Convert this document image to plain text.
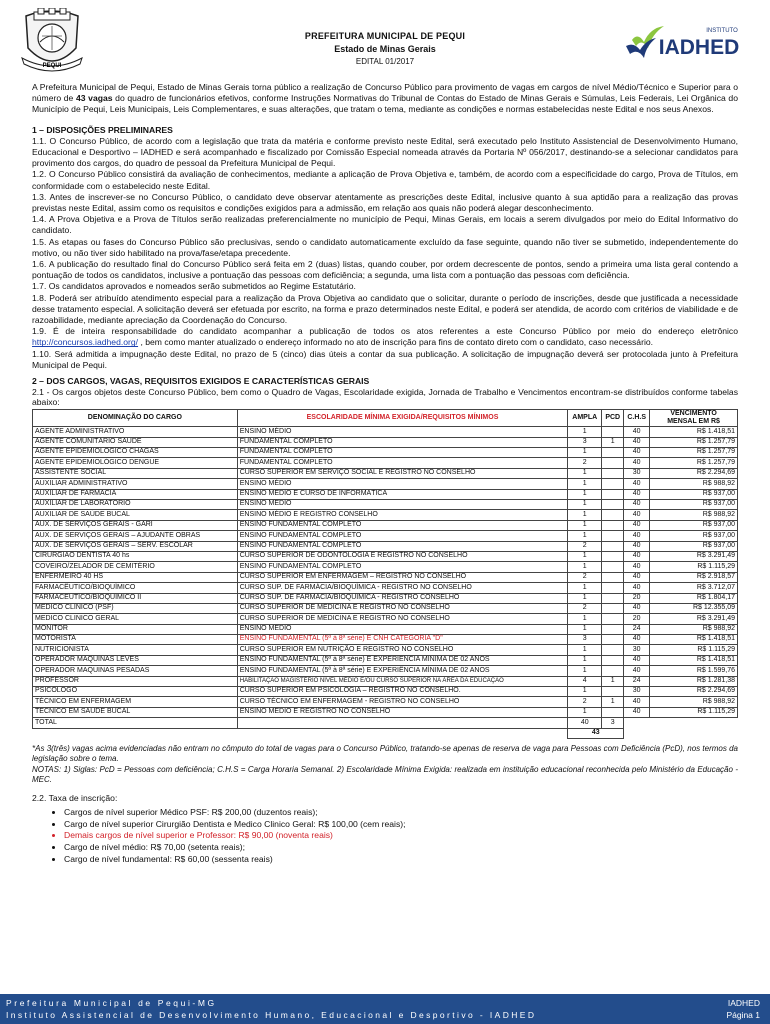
PEQUI
PREFEITURA MUNICIPAL DE PEQUI
Estado de Minas Gerais
EDITAL 01/2017
INSTITUTO
IADHED

A Prefeitura Municipal de Pequi, Estado de Minas Gerais torna público a realização de Concurso Público para provimento de vagas em cargos de nível Médio/Técnico e Superior para o número de 43 vagas do quadro de funcionários efetivos, conforme Instruções Normativas do Tribunal de Contas do Estado de Minas Gerais e Súmulas, Leis Federais, Lei Orgânica do Município de Pequi, Leis Municipais, Leis Complementares, e suas alterações, que tratam o tema, mediante as condições e normas estabelecidas neste Edital e nos seus Anexos.

1 – DISPOSIÇÕES PRELIMINARES

1.1. O Concurso Público, de acordo com a legislação que trata da matéria e conforme previsto neste Edital, será executado pelo Instituto Assistencial de Desenvolvimento Humano, Educacional e Desportivo – IADHED e será acompanhado e fiscalizado por Comissão Especial nomeada através da Portaria Nº 056/2017, destinando-se a selecionar candidatos para provimento dos cargos, do quadro de pessoal da Prefeitura Municipal de Pequi.

1.2. O Concurso Público consistirá da avaliação de conhecimentos, mediante a aplicação de Prova Objetiva e, também, de acordo com a especificidade do cargo, Prova de Títulos, em conformidade com o estabelecido neste Edital.

1.3. Antes de inscrever-se no Concurso Público, o candidato deve observar atentamente as prescrições deste Edital, inclusive quanto à sua aptidão para a realização das provas previstas neste Edital, assim como os requisitos e condições exigidos para a admissão, em relação aos quais não poderá alegar desconhecimento.

1.4. A Prova Objetiva e a Prova de Títulos serão realizadas preferencialmente no município de Pequi, Minas Gerais, em locais a serem divulgados por meio do Edital Informativo do candidato.

1.5. As etapas ou fases do Concurso Público são preclusivas, sendo o candidato automaticamente excluído da fase seguinte, quando não tiver se submetido, independentemente do motivo, ou não tiver sido habilitado na prova/fase/etapa precedente.

1.6. A publicação do resultado final do Concurso Público será feita em 2 (duas) listas, quando couber, por ordem decrescente de pontos, sendo a primeira uma lista geral contendo a pontuação de todos os candidatos, inclusive a pontuação das pessoas com deficiência; a segunda, uma lista com a pontuação das pessoas com deficiência.

1.7. Os candidatos aprovados e nomeados serão submetidos ao Regime Estatutário.

1.8. Poderá ser atribuído atendimento especial para a realização da Prova Objetiva ao candidato que o solicitar, durante o período de inscrições, desde que justificada a necessidade desse tratamento especial. A solicitação deverá ser efetuada por escrito, na forma e prazo determinados neste Edital, e poderá ser atendida, de acordo com critérios de viabilidade e de razoabilidade, mediante apreciação da Coordenação do Concurso.

1.9. É de inteira responsabilidade do candidato acompanhar a publicação de todos os atos referentes a este Concurso Público por meio do endereço eletrônico http://concursos.iadhed.org/ , bem como manter atualizado o endereço informado no ato de inscrição para fins de contato direto com o candidato, caso necessário.

1.10. Será admitida a impugnação deste Edital, no prazo de 5 (cinco) dias úteis a contar da sua publicação. A solicitação de impugnação deverá ser protocolada junto à Prefeitura Municipal de Pequi.

2 – DOS CARGOS, VAGAS, REQUISITOS EXIGIDOS E CARACTERÍSTICAS GERAIS

2.1 - Os cargos objetos deste Concurso Público, bem como o Quadro de Vagas, Escolaridade exigida, Jornada de Trabalho e Vencimentos encontram-se distribuídos conforme tabelas abaixo:

DENOMINAÇÃO DO CARGO	ESCOLARIDADE MÍNIMA EXIGIDA/REQUISITOS MÍNIMOS	AMPLA	PCD	C.H.S	VENCIMENTO
MENSAL EM R$
AGENTE ADMINISTRATIVO	ENSINO MÉDIO	1		40	R$ 1.418,51
AGENTE COMUNITÁRIO SAÚDE	FUNDAMENTAL COMPLETO	3	1	40	R$ 1.257,79
AGENTE EPIDEMIOLÓGICO CHAGAS	FUNDAMENTAL COMPLETO	1		40	R$ 1.257,79
AGENTE EPIDEMIOLÓGICO DENGUE	FUNDAMENTAL COMPLETO	2		40	R$ 1.257,79
ASSISTENTE SOCIAL	CURSO SUPERIOR EM SERVIÇO SOCIAL E REGISTRO NO CONSELHO	1		30	R$ 2.294,69
AUXILIAR ADMINISTRATIVO	ENSINO MÉDIO	1		40	R$ 988,92
AUXILIAR DE FARMÁCIA	ENSINO MÉDIO E CURSO DE INFORMÁTICA	1		40	R$ 937,00
AUXILIAR DE LABORATÓRIO	ENSINO MÉDIO	1		40	R$ 937,00
AUXILIAR DE SAÚDE BUCAL	ENSINO MÉDIO E REGISTRO CONSELHO	1		40	R$ 988,92
AUX. DE SERVIÇOS GERAIS - GARI	ENSINO FUNDAMENTAL COMPLETO	1		40	R$ 937,00
AUX. DE SERVIÇOS GERAIS – AJUDANTE OBRAS	ENSINO FUNDAMENTAL COMPLETO	1		40	R$ 937,00
AUX. DE SERVIÇOS GERAIS – SERV. ESCOLAR	ENSINO FUNDAMENTAL COMPLETO	2		40	R$ 937,00
CIRURGIÃO DENTISTA 40 hs	CURSO SUPERIOR DE ODONTOLOGIA E REGISTRO NO CONSELHO	1		40	R$ 3.291,49
COVEIRO/ZELADOR DE CEMITÉRIO	ENSINO FUNDAMENTAL COMPLETO	1		40	R$ 1.115,29
ENFERMEIRO 40 HS	CURSO SUPERIOR EM ENFERMAGEM – REGISTRO NO CONSELHO	2		40	R$ 2.918,57
FARMACÊUTICO/BIOQUÍMICO	CURSO SUP. DE FARMÁCIA/BIOQUÍMICA - REGISTRO NO CONSELHO	1		40	R$ 3.712,07
FARMACÊUTICO/BIOQUÍMICO II	CURSO SUP. DE FARMÁCIA/BIOQUÍMICA - REGISTRO CONSELHO	1		20	R$ 1.804,17
MEDICO CLINICO (PSF)	CURSO SUPERIOR DE MEDICINA E REGISTRO NO CONSELHO	2		40	R$ 12.355,09
MEDICO CLINICO GERAL	CURSO SUPERIOR DE MEDICINA E REGISTRO NO CONSELHO	1		20	R$ 3.291,49
MONITOR	ENSINO MÉDIO	1		24	R$ 988,92
MOTORISTA	ENSINO FUNDAMENTAL (5ª à 8ª série) E CNH CATEGORIA "D"	3		40	R$ 1.418,51
NUTRICIONISTA	CURSO SUPERIOR EM NUTRIÇÃO E REGISTRO NO CONSELHO	1		30	R$ 1.115,29
OPERADOR MAQUINAS LEVES	ENSINO FUNDAMENTAL (5ª à 8ª série) E EXPERIÊNCIA MÍNIMA DE 02 ANOS	1		40	R$ 1.418,51
OPERADOR MAQUINAS PESADAS	ENSINO FUNDAMENTAL (5ª à 8ª série) E EXPERIÊNCIA MÍNIMA DE 02 ANOS	1		40	R$ 1.599,76
PROFESSOR	HABILITAÇÃO MAGISTÉRIO NÍVEL MÉDIO E/OU CURSO SUPERIOR NA ÁREA DA EDUCAÇÃO	4	1	24	R$ 1.281,38
PSICÓLOGO	CURSO SUPERIOR EM PSICOLOGIA – REGISTRO NO CONSELHO.	1		30	R$ 2.294,69
TÉCNICO EM ENFERMAGEM	CURSO TÉCNICO EM ENFERMAGEM - REGISTRO NO CONSELHO	2	1	40	R$ 988,92
TÉCNICO EM SAÚDE BUCAL	ENSINO MÉDIO E REGISTRO NO CONSELHO	1		40	R$ 1.115,29
TOTAL		40	3		
		43			

*As 3(três) vagas acima evidenciadas não entram no cômputo do total de vagas para o Concurso Público, tratando-se apenas de reserva de vaga para Pessoas com Deficiência (PcD), nos termos da legislação sobre o tema.

NOTAS: 1) Siglas: PcD = Pessoas com deficiência; C.H.S = Carga Horaria Semanal. 2) Escolaridade Mínima Exigida: realizada em instituição educacional reconhecida pelo Ministério da Educação - MEC.

2.2. Taxa de inscrição:

• Cargos de nível superior Médico PSF: R$ 200,00 (duzentos reais);
• Cargo de nível superior Cirurgião Dentista e Medico Clinico Geral: R$ 100,00 (cem reais);
• Demais cargos de nível superior e Professor: R$ 90,00 (noventa reais)
• Cargo de nível médio: R$ 70,00 (setenta reais);
• Cargo de nível fundamental: R$ 60,00 (sessenta reais)
Prefeitura Municipal de Pequi-MG
Instituto Assistencial de Desenvolvimento Humano, Educacional e Desportivo - IADHED
IADHED
Página 1
